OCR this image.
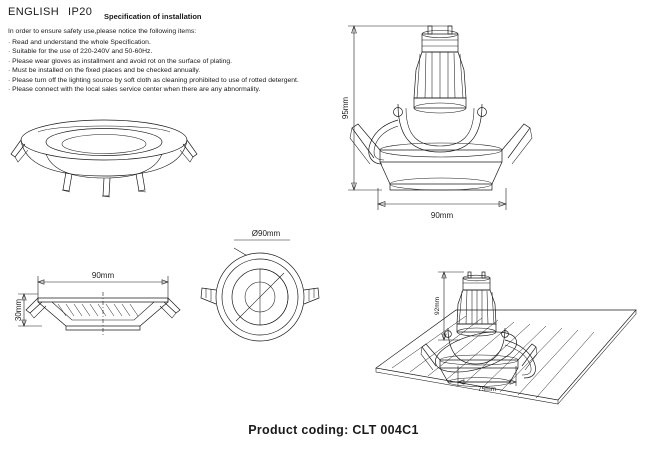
ENGLISH IP20 Specification of installation
In order to ensure safety use,please notice the following items:
· Read and understand the whole Specification.
· Suitable for the use of 220-240V and 50-60Hz.
· Please wear gloves as installment and avoid rot on the surface of plating.
· Must be installed on the fixed places and be checked annually.
· Please turn off the lighting source by soft cloth as cleaning prohibited to use of rotted detergent.
· Please connect with the local sales service center when there are any abnormality.
90mm
30mm
Ø90mm
95mm
90mm
92mm
75mm
Product coding: CLT 004C1
